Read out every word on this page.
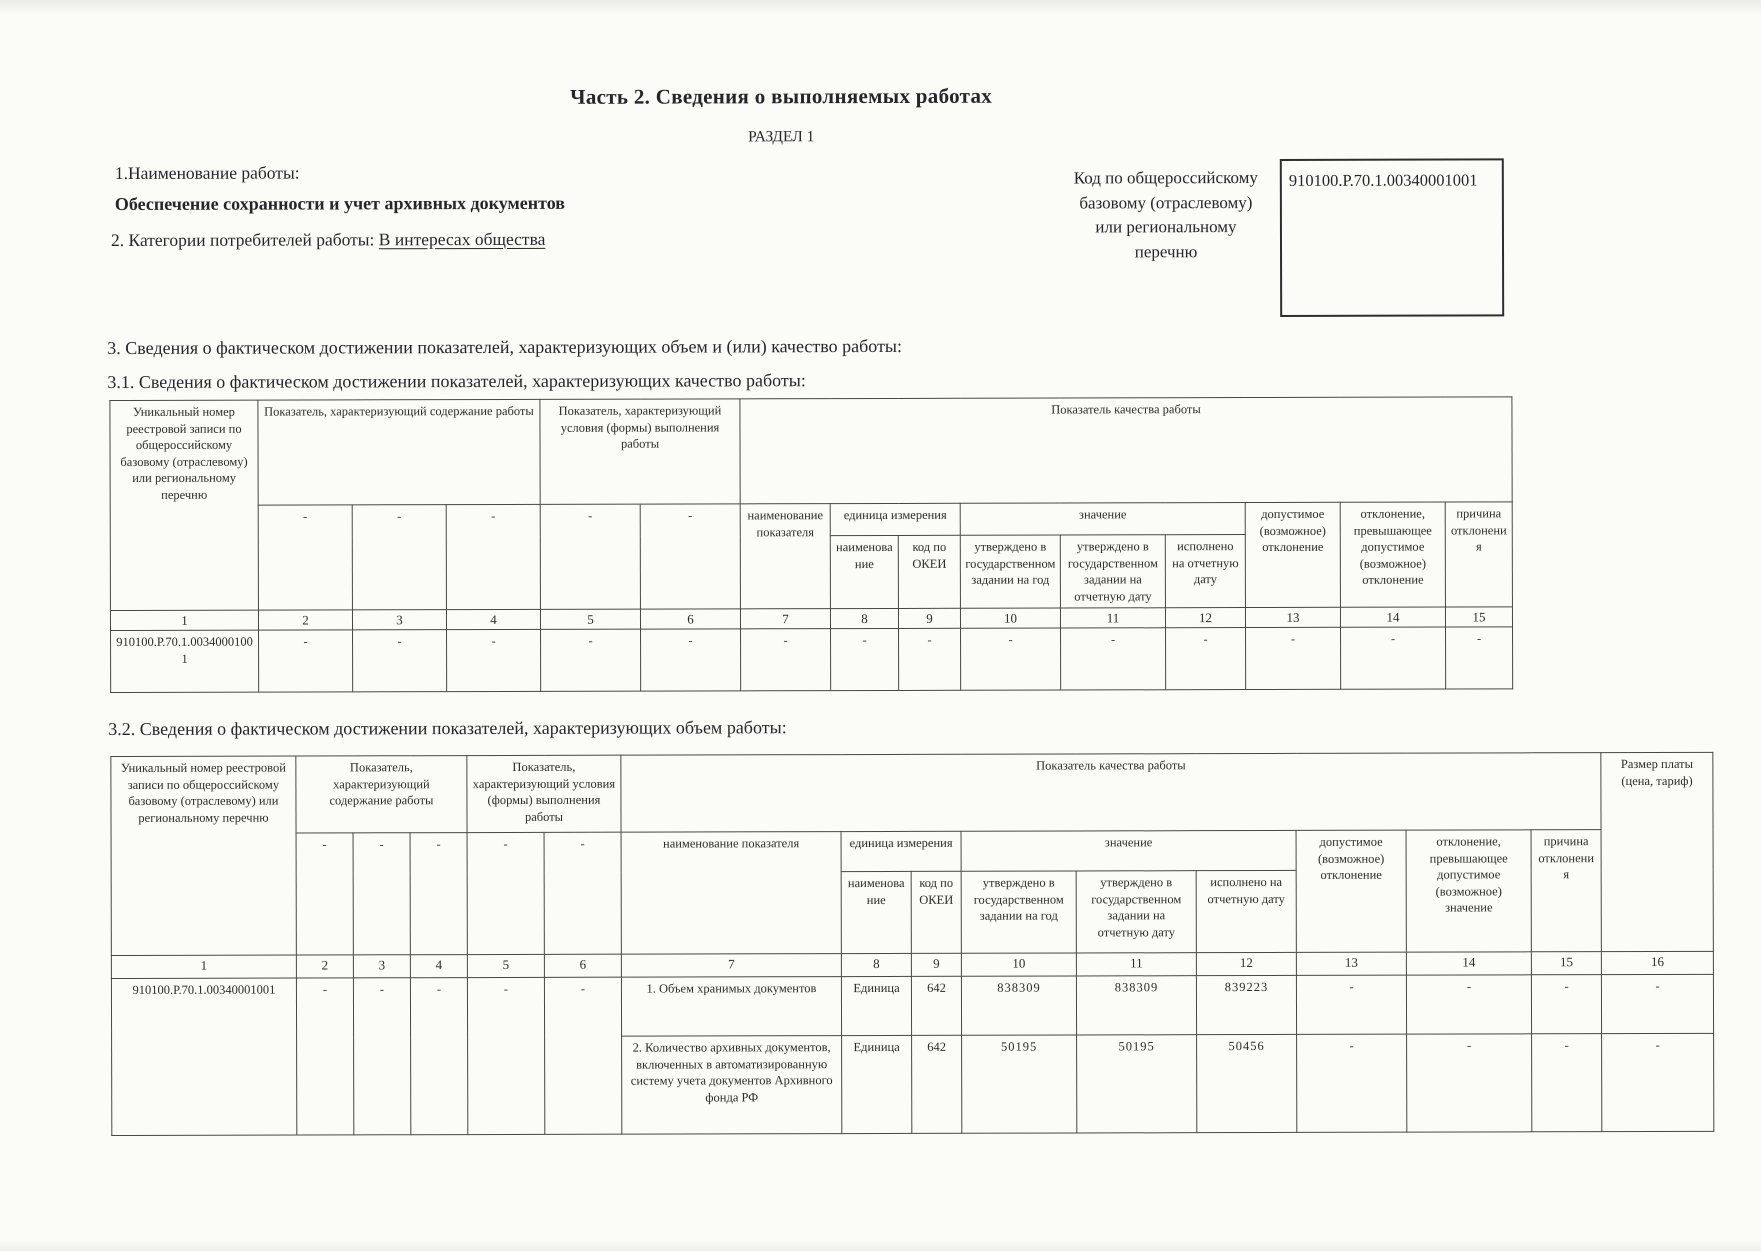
Часть 2. Сведения о выполняемых работах
РАЗДЕЛ 1
1.Наименование работы:
Обеспечение сохранности и учет архивных документов
2. Категории потребителей работы: В интересах общества
Код по общероссийскому базовому (отраслевому) или региональному перечню
910100.Р.70.1.00340001001
3. Сведения о фактическом достижении показателей, характеризующих объем и (или) качество работы:
3.1. Сведения о фактическом достижении показателей, характеризующих качество работы:
Уникальный номер реестровой записи по общероссийскому базовому (отраслевому) или региональному перечню	Показатель, характеризующий содержание работы			Показатель, характеризующий условия (формы) выполнения работы		Показатель качества работы								
	-	-	-	-	-	наименование показателя	единица измерения		значение			допустимое (возможное) отклонение	отклонение, превышающее допустимое (возможное) отклонение	причина отклонения
							наименование	код по ОКЕИ	утверждено в государственном задании на год	утверждено в государственном задании на отчетную дату	исполнено на отчетную дату			
1	2	3	4	5	6	7	8	9	10	11	12	13	14	15
910100.Р.70.1.00340001001	-	-	-	-	-	-	-	-	-	-	-	-	-	-
3.2. Сведения о фактическом достижении показателей, характеризующих объем работы:
Уникальный номер реестровой записи по общероссийскому базовому (отраслевому) или региональному перечню	Показатель, характеризующий содержание работы			Показатель, характеризующий условия (формы) выполнения работы		Показатель качества работы									Размер платы (цена, тариф)
	-	-	-	-	-	наименование показателя	единица измерения		значение			допустимое (возможное) отклонение	отклонение, превышающее допустимое (возможное) значение	причина отклонения	
							наименование	код по ОКЕИ	утверждено в государственном задании на год	утверждено в государственном задании на отчетную дату	исполнено на отчетную дату				
1	2	3	4	5	6	7	8	9	10	11	12	13	14	15	16
910100.Р.70.1.00340001001	-	-	-	-	-	1. Объем хранимых документов	Единица	642	838309	838309	839223	-	-	-	-
						2. Количество архивных документов, включенных в автоматизированную систему учета документов Архивного фонда РФ	Единица	642	50195	50195	50456	-	-	-	-
